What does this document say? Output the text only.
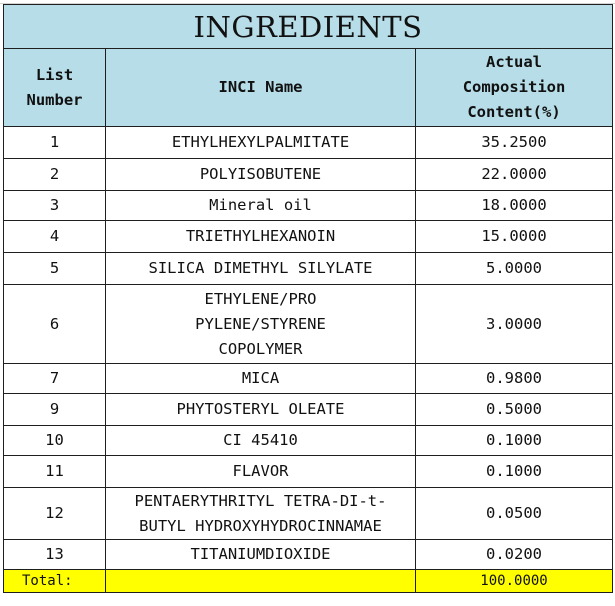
INGREDIENTS		

List
Number	INCI Name	Actual
Composition
Content(%)

1	ETHYLHEXYLPALMITATE	35.2500
2	POLYISOBUTENE	22.0000
3	Mineral oil	18.0000
4	TRIETHYLHEXANOIN	15.0000
5	SILICA DIMETHYL SILYLATE	5.0000
6	ETHYLENE/PRO
PYLENE/STYRENE
COPOLYMER	3.0000
7	MICA	0.9800
9	PHYTOSTERYL OLEATE	0.5000
10	CI 45410	0.1000
11	FLAVOR	0.1000
12	PENTAERYTHRITYL TETRA-DI-t-
BUTYL HYDROXYHYDROCINNAMAE	0.0500
13	TITANIUMDIOXIDE	0.0200
Total:		100.0000
